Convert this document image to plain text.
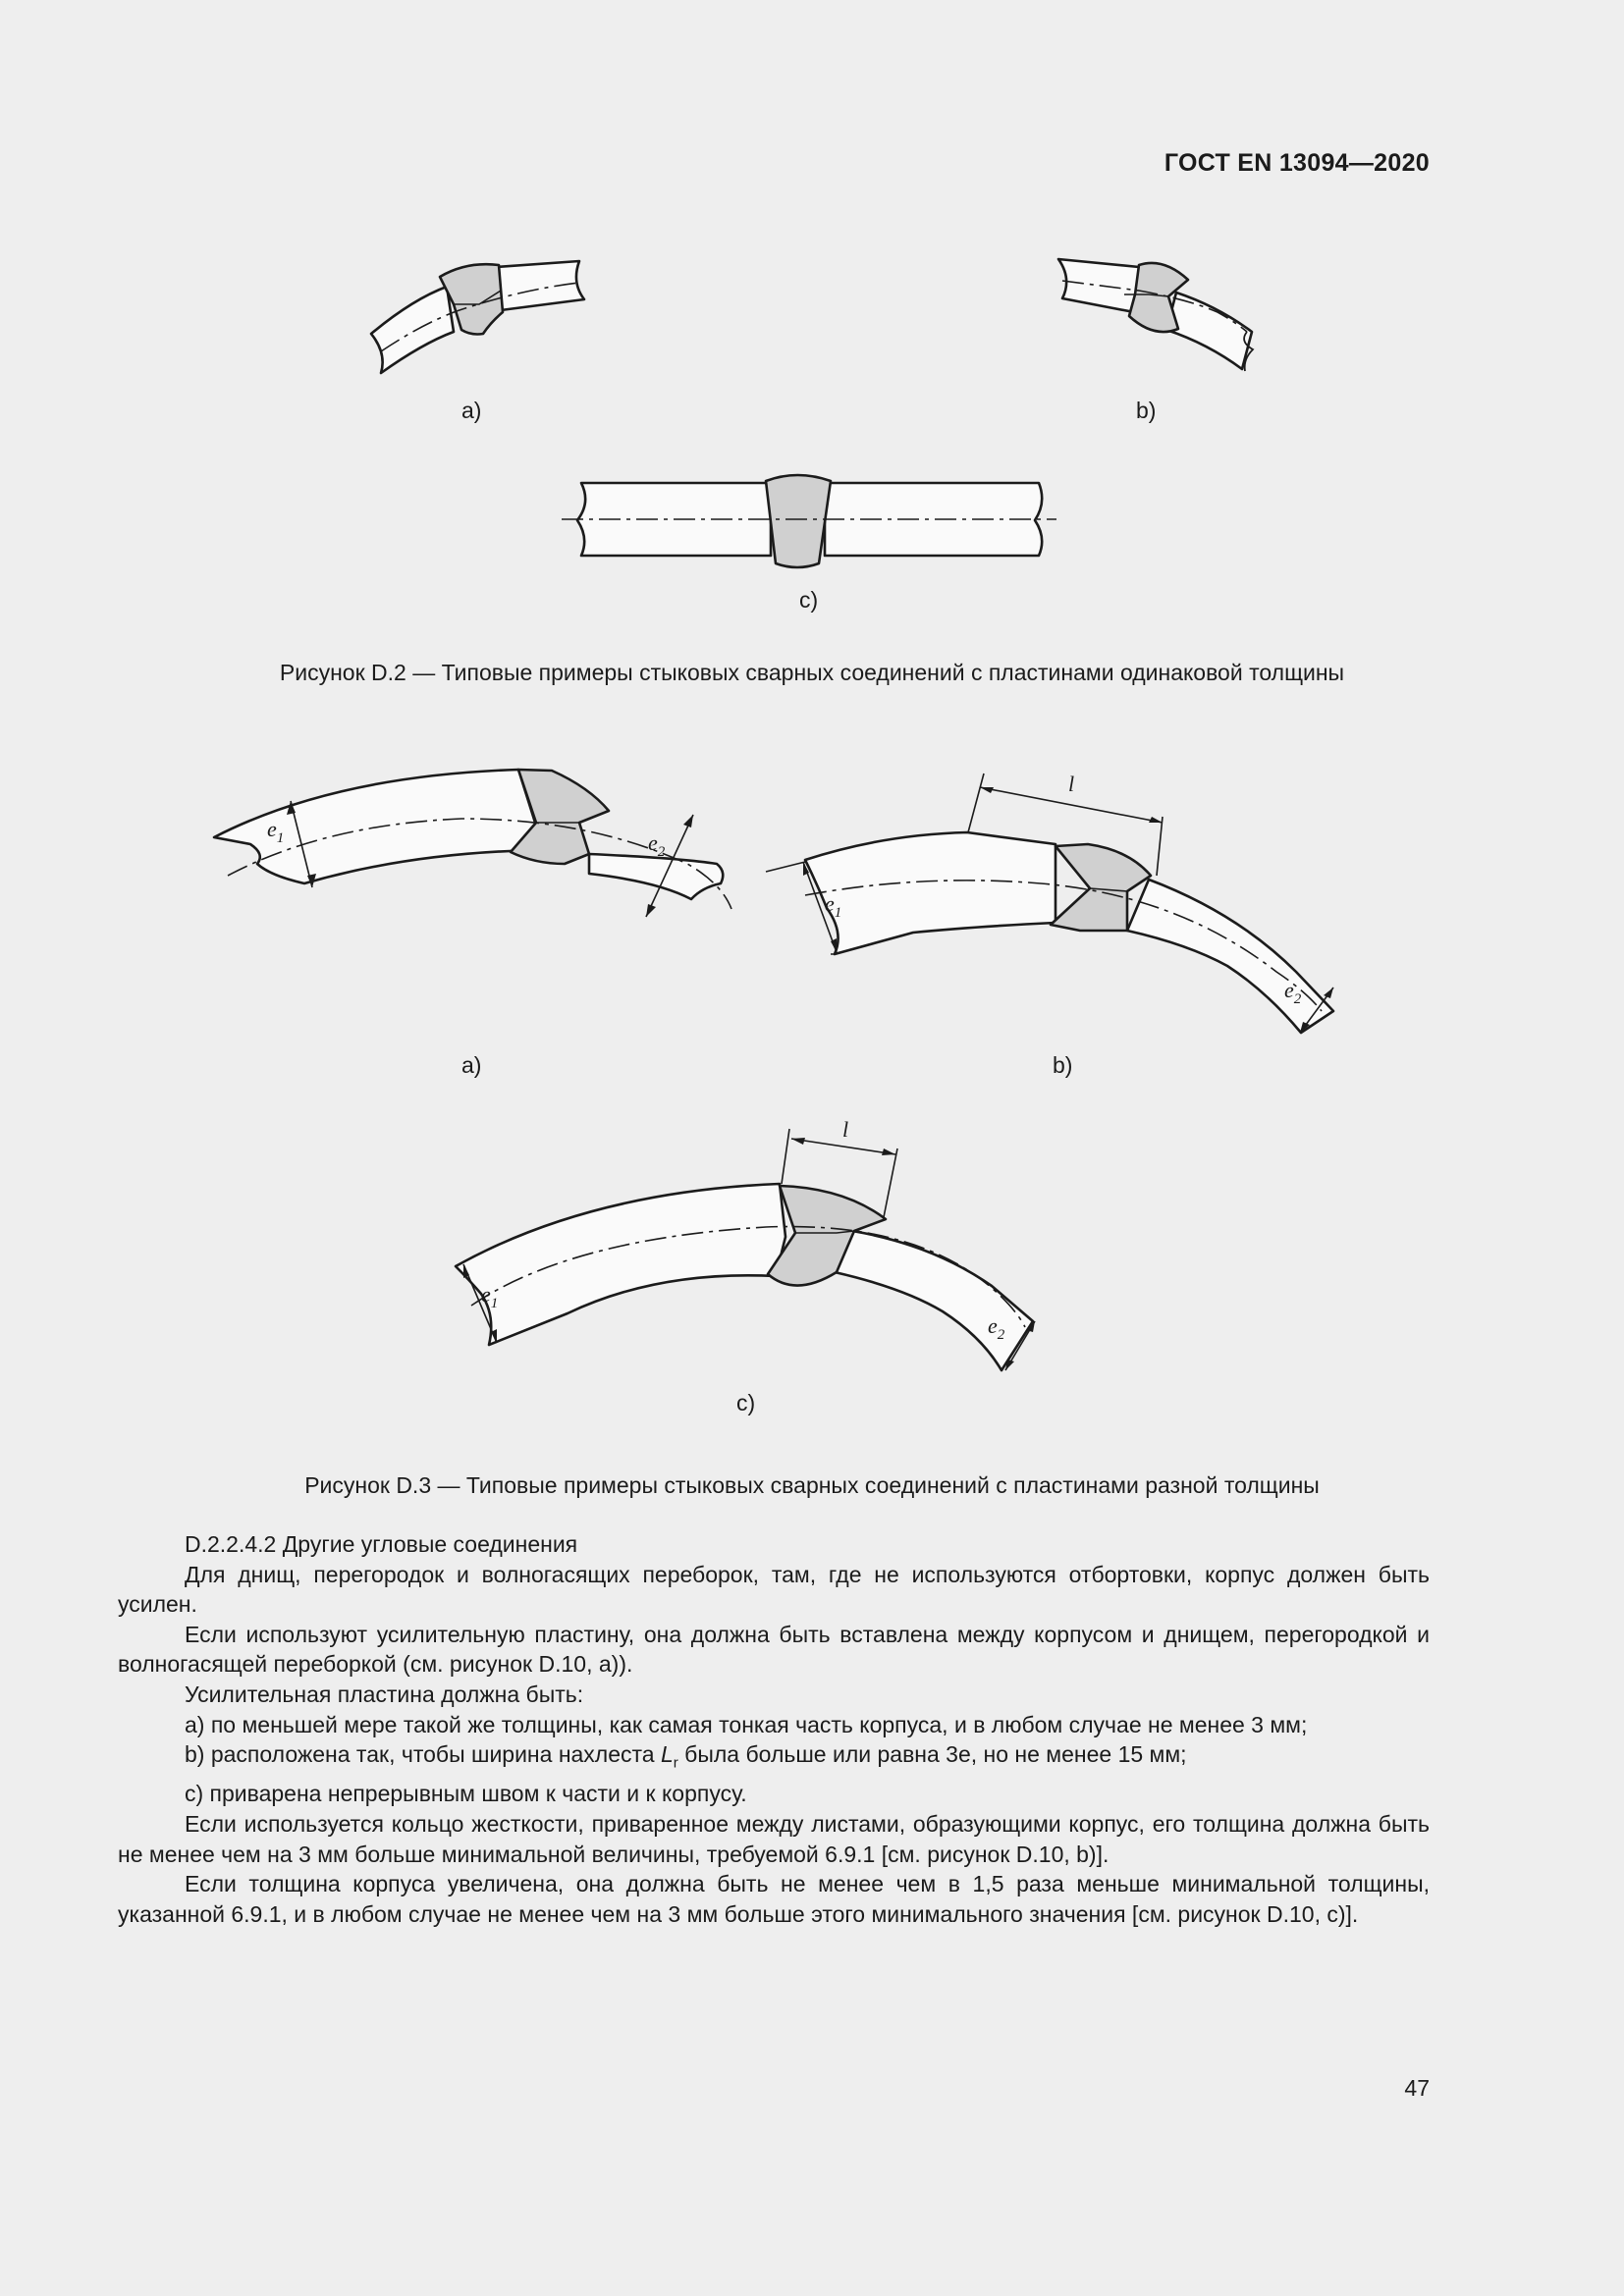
ГОСТ EN 13094—2020
$e_1$	$e_2$
l
$e_1$
$e_2$
l
$e_1$
$e_2$
a)	b)
c)
Рисунок D.2 — Типовые примеры стыковых сварных соединений с пластинами одинаковой толщины
a)	b)
c)
Рисунок D.3 — Типовые примеры стыковых сварных соединений с пластинами разной толщины

D.2.2.4.2 Другие угловые соединения

Для днищ, перегородок и волногасящих переборок, там, где не используются отбортовки, корпус должен быть усилен.

Если используют усилительную пластину, она должна быть вставлена между корпусом и днищем, перегородкой и волногасящей переборкой (см. рисунок D.10, а)).

Усилительная пластина должна быть:

a) по меньшей мере такой же толщины, как самая тонкая часть корпуса, и в любом случае не менее 3 мм;

b) расположена так, чтобы ширина нахлеста $L_r$ была больше или равна 3e, но не менее 15 мм;

c) приварена непрерывным швом к части и к корпусу.

Если используется кольцо жесткости, приваренное между листами, образующими корпус, его толщина должна быть не менее чем на 3 мм больше минимальной величины, требуемой 6.9.1 [см. рисунок D.10, b)].

Если толщина корпуса увеличена, она должна быть не менее чем в 1,5 раза меньше минимальной толщины, указанной 6.9.1, и в любом случае не менее чем на 3 мм больше этого минимального значения [см. рисунок D.10, c)].

47
